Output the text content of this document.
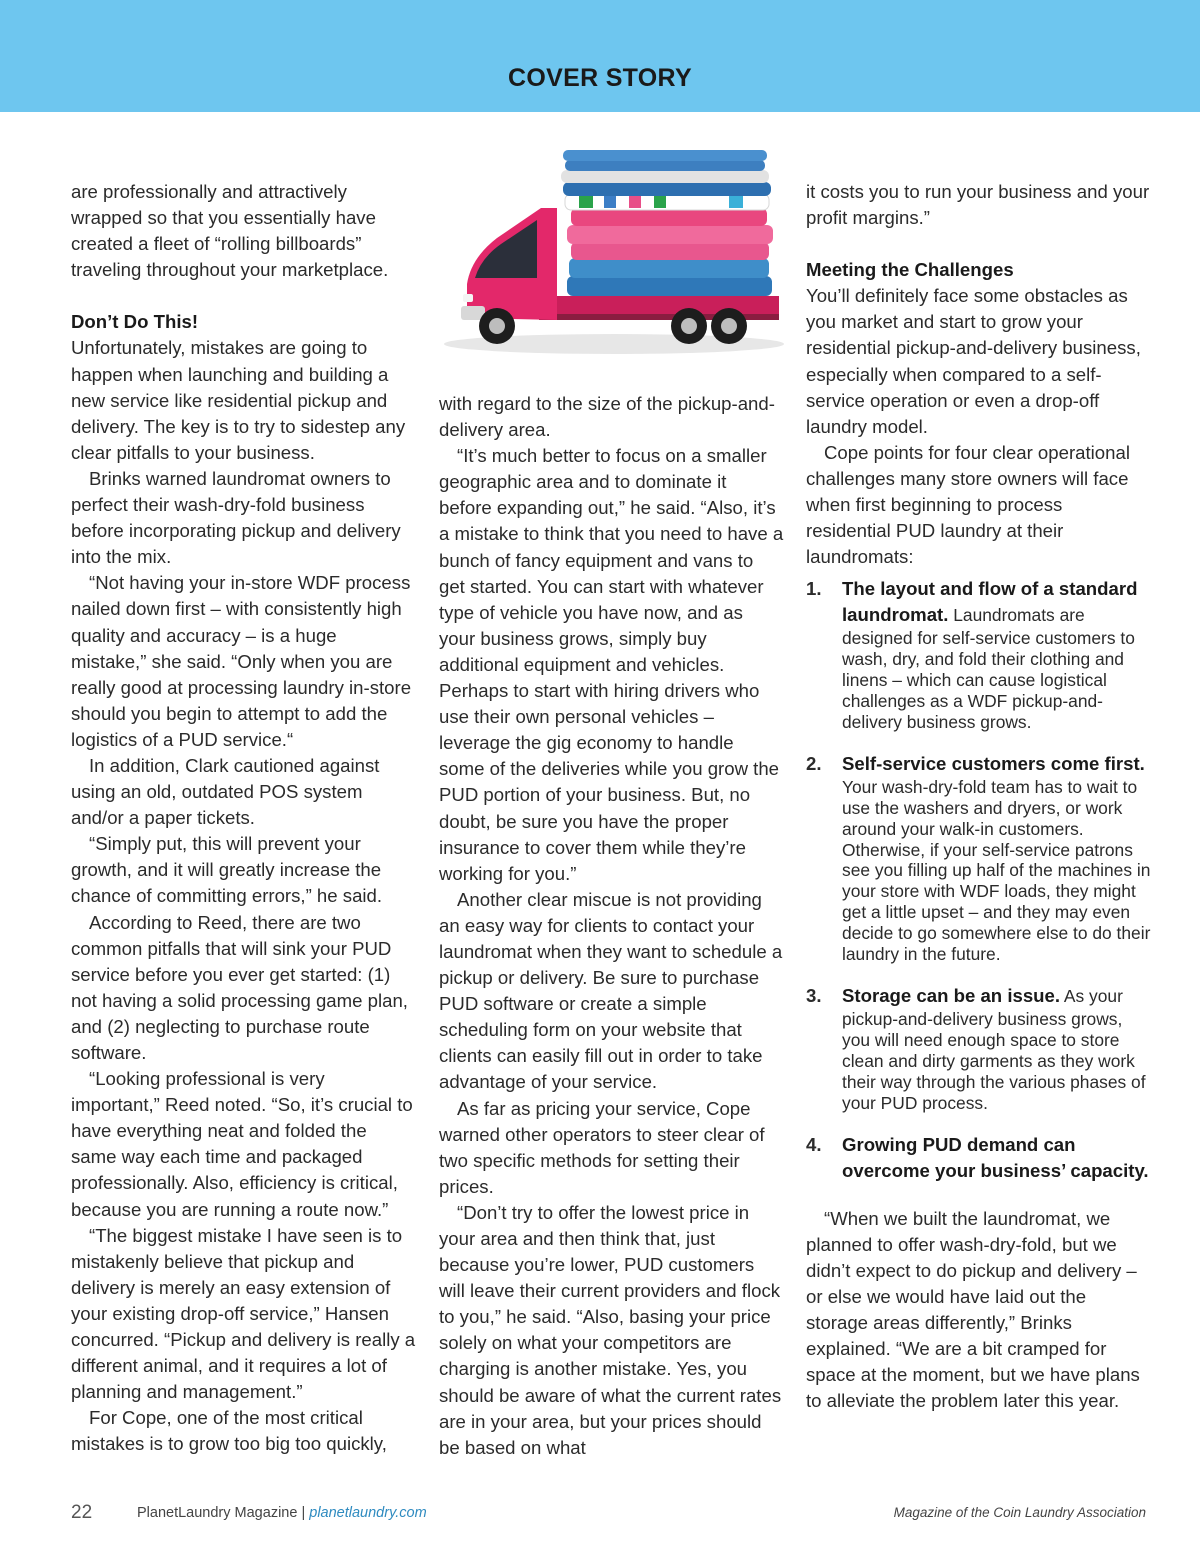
COVER STORY

are professionally and attractively wrapped so that you essentially have created a fleet of “rolling billboards” traveling throughout your marketplace.

Don’t Do This!

Unfortunately, mistakes are going to happen when launching and building a new service like residential pickup and delivery. The key is to try to sidestep any clear pitfalls to your business.

Brinks warned laundromat owners to perfect their wash-dry-fold business before incorporating pickup and delivery into the mix.

“Not having your in-store WDF process nailed down first – with consistently high quality and accuracy – is a huge mistake,” she said. “Only when you are really good at processing laundry in-store should you begin to attempt to add the logistics of a PUD service.“

In addition, Clark cautioned against using an old, outdated POS system and/or a paper tickets.

“Simply put, this will prevent your growth, and it will greatly increase the chance of committing errors,” he said.

According to Reed, there are two common pitfalls that will sink your PUD service before you ever get started: (1) not having a solid processing game plan, and (2) neglecting to purchase route software.

“Looking professional is very important,” Reed noted. “So, it’s crucial to have everything neat and folded the same way each time and packaged professionally. Also, efficiency is critical, because you are running a route now.”

“The biggest mistake I have seen is to mistakenly believe that pickup and delivery is merely an easy extension of your existing drop-off service,” Hansen concurred. “Pickup and delivery is really a different animal, and it requires a lot of planning and management.”

For Cope, one of the most critical mistakes is to grow too big too quickly,

with regard to the size of the pickup-and-delivery area.

“It’s much better to focus on a smaller geographic area and to dominate it before expanding out,” he said. “Also, it’s a mistake to think that you need to have a bunch of fancy equipment and vans to get started. You can start with whatever type of vehicle you have now, and as your business grows, simply buy additional equipment and vehicles. Perhaps to start with hiring drivers who use their own personal vehicles – leverage the gig economy to handle some of the deliveries while you grow the PUD portion of your business. But, no doubt, be sure you have the proper insurance to cover them while they’re working for you.”

Another clear miscue is not providing an easy way for clients to contact your laundromat when they want to schedule a pickup or delivery. Be sure to purchase PUD software or create a simple scheduling form on your website that clients can easily fill out in order to take advantage of your service.

As far as pricing your service, Cope warned other operators to steer clear of two specific methods for setting their prices.

“Don’t try to offer the lowest price in your area and then think that, just because you’re lower, PUD customers will leave their current providers and flock to you,” he said. “Also, basing your price solely on what your competitors are charging is another mistake. Yes, you should be aware of what the current rates are in your area, but your prices should be based on what

it costs you to run your business and your profit margins.”

Meeting the Challenges

You’ll definitely face some obstacles as you market and start to grow your residential pickup-and-delivery business, especially when compared to a self-service operation or even a drop-off laundry model.

Cope points for four clear operational challenges many store owners will face when first beginning to process residential PUD laundry at their laundromats:

1. The layout and flow of a standard laundromat. Laundromats are designed for self-service customers to wash, dry, and fold their clothing and linens – which can cause logistical challenges as a WDF pickup-and-delivery business grows.
2. Self-service customers come first. Your wash-dry-fold team has to wait to use the washers and dryers, or work around your walk-in customers. Otherwise, if your self-service patrons see you filling up half of the machines in your store with WDF loads, they might get a little upset – and they may even decide to go somewhere else to do their laundry in the future.
3. Storage can be an issue. As your pickup-and-delivery business grows, you will need enough space to store clean and dirty garments as they work their way through the various phases of your PUD process.
4. Growing PUD demand can overcome your business’ capacity.

“When we built the laundromat, we planned to offer wash-dry-fold, but we didn’t expect to do pickup and delivery – or else we would have laid out the storage areas differently,” Brinks explained. “We are a bit cramped for space at the moment, but we have plans to alleviate the problem later this year.

22	PlanetLaundry Magazine | planetlaundry.com	Magazine of the Coin Laundry Association
